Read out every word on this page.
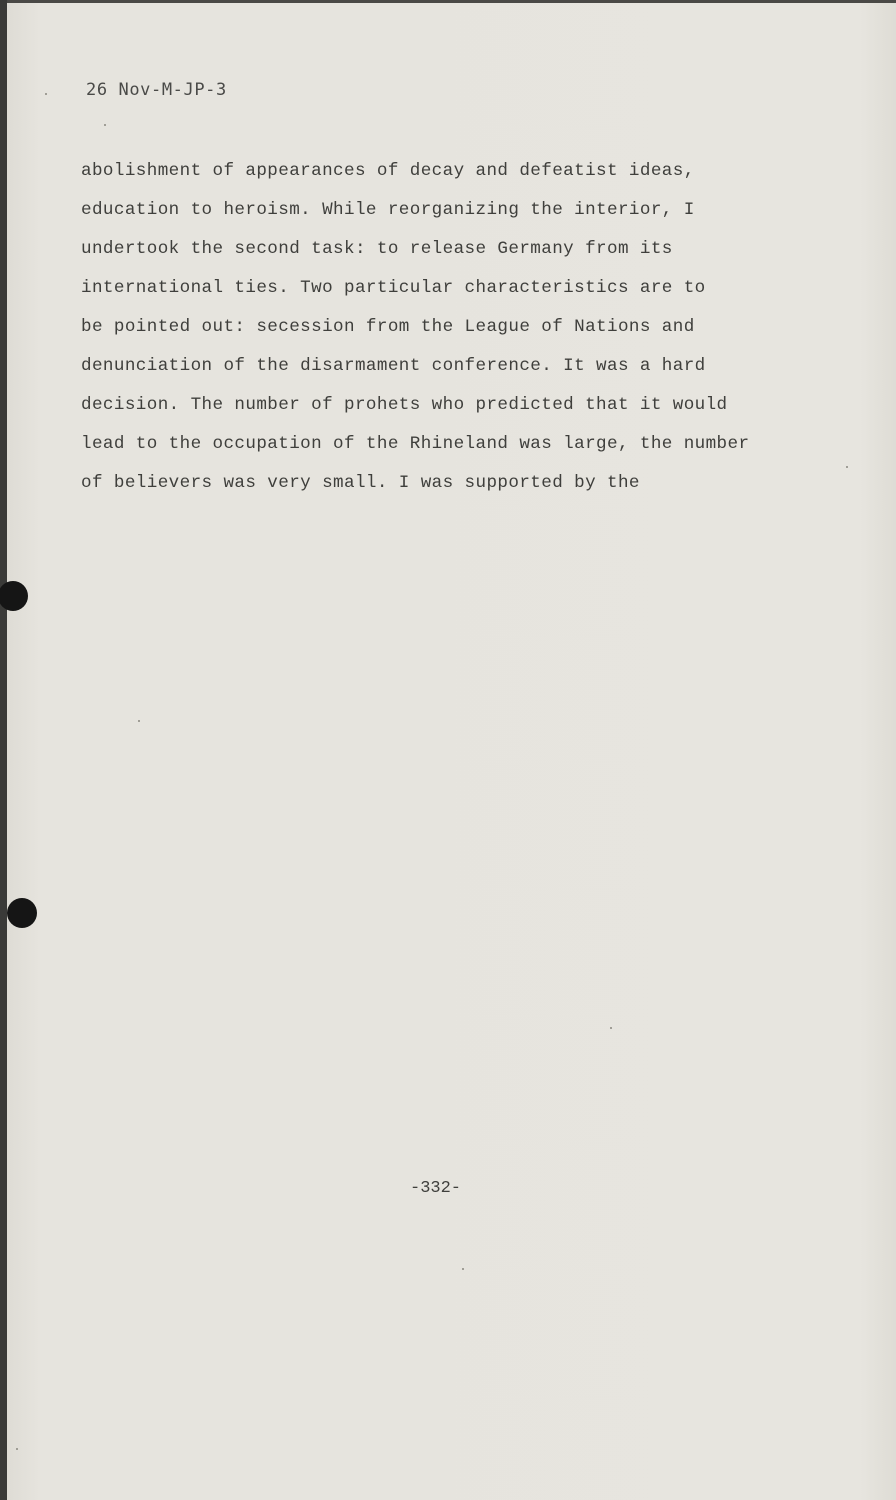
26 Nov-M-JP-3
abolishment of appearances of decay and defeatist ideas,
education to heroism. While reorganizing the interior, I
undertook the second task: to release Germany from its
international ties. Two particular characteristics are to
be pointed out: secession from the League of Nations and
denunciation of the disarmament conference. It was a hard
decision. The number of prohets who predicted that it would
lead to the occupation of the Rhineland was large, the number
of believers was very small. I was supported by the
-332-
